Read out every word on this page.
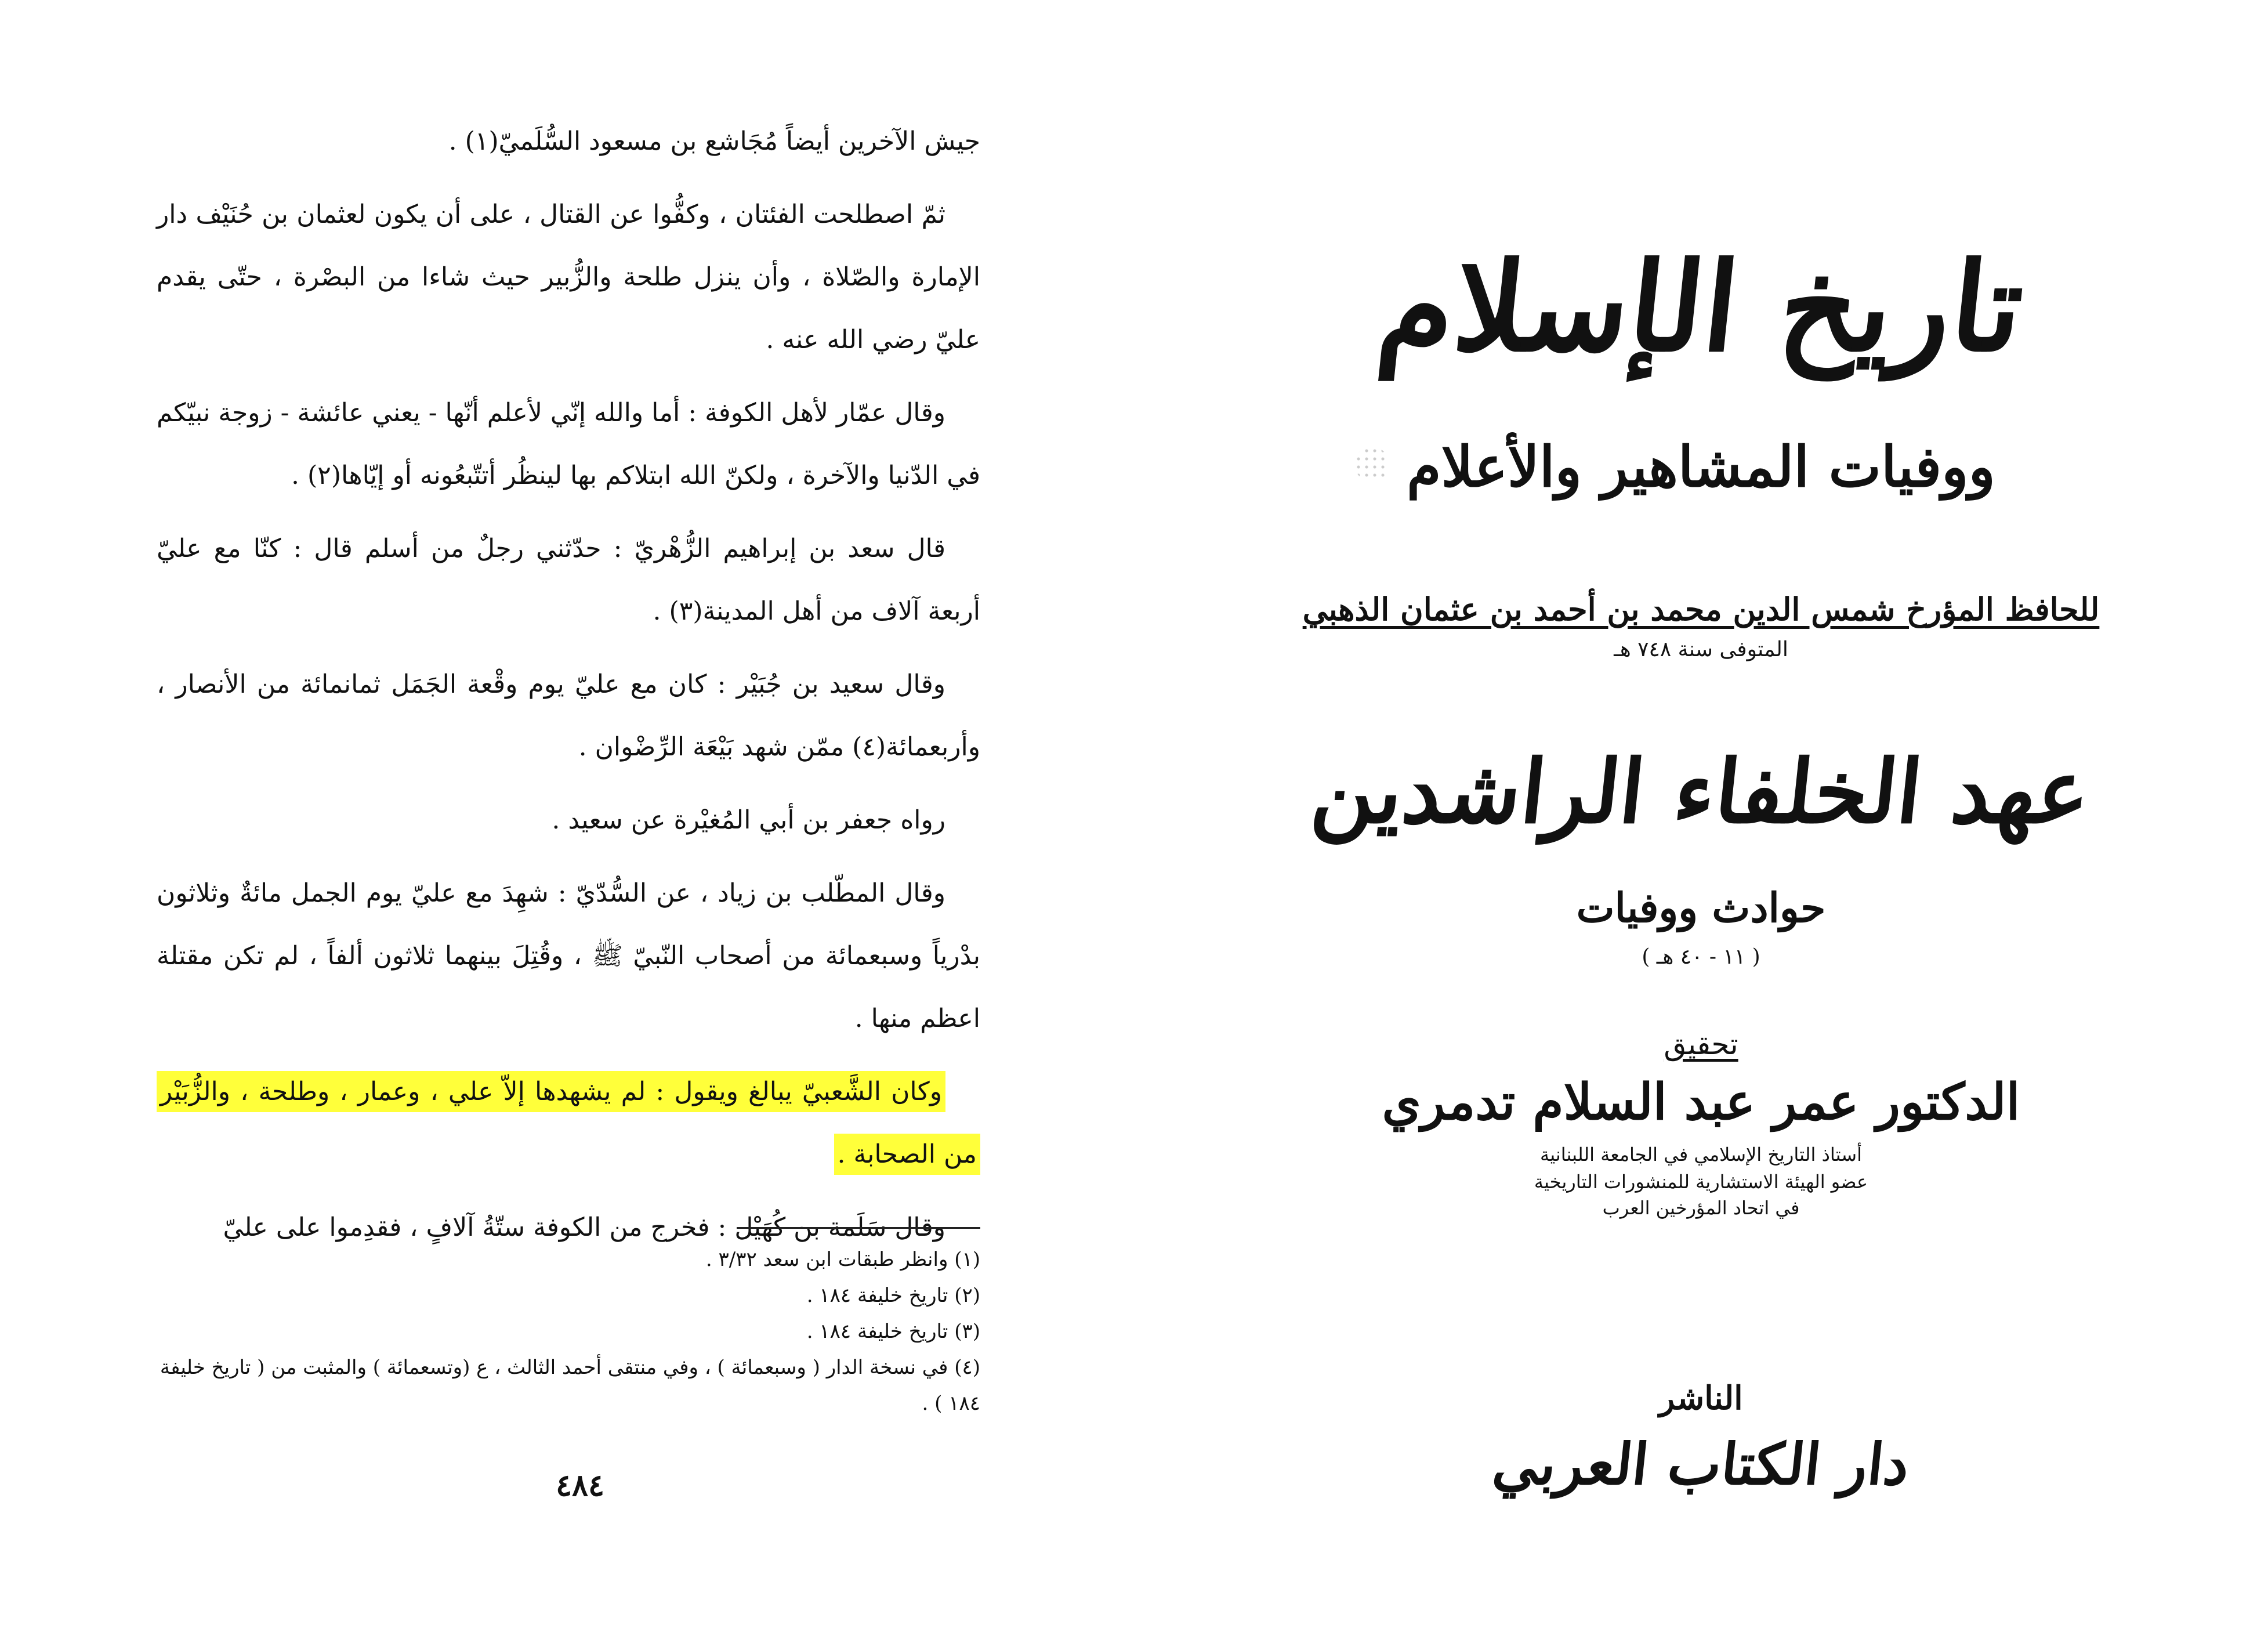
جيش الآخرين أيضاً مُجَاشع بن مسعود السُّلَميّ(١) .

ثمّ اصطلحت الفئتان ، وكفُّوا عن القتال ، على أن يكون لعثمان بن حُنَيْف دار الإمارة والصّلاة ، وأن ينزل طلحة والزُّبير حيث شاءا من البصْرة ، حتّى يقدم عليّ رضي الله عنه .

وقال عمّار لأهل الكوفة : أما والله إنّي لأعلم أنّها - يعني عائشة - زوجة نبيّكم في الدّنيا والآخرة ، ولكنّ الله ابتلاكم بها لينظُر أتتّبعُونه أو إيّاها(٢) .

قال سعد بن إبراهيم الزُّهْريّ : حدّثني رجلٌ من أسلم قال : كنّا مع عليّ أربعة آلاف من أهل المدينة(٣) .

وقال سعيد بن جُبَيْر : كان مع عليّ يوم وقْعة الجَمَل ثمانمائة من الأنصار ، وأربعمائة(٤) ممّن شهد بَيْعَة الرِّضْوان .

رواه جعفر بن أبي المُغيْرة عن سعيد .

وقال المطّلب بن زياد ، عن السُّدّيّ : شهِدَ مع عليّ يوم الجمل مائةٌ وثلاثون بدْرياً وسبعمائة من أصحاب النّبيّ ﷺ ، وقُتِلَ بينهما ثلاثون ألفاً ، لم تكن مقتلة اعظم منها .

وكان الشَّعبيّ يبالغ ويقول : لم يشهدها إلاّ علي ، وعمار ، وطلحة ، والزُّبَيْر من الصحابة .

وقال سَلَمة بن كُهَيْل : فخرج من الكوفة ستّةُ آلافٍ ، فقدِموا على عليّ

(١) وانظر طبقات ابن سعد ٣/٣٢ .

(٢) تاريخ خليفة ١٨٤ .

(٣) تاريخ خليفة ١٨٤ .

(٤) في نسخة الدار ( وسبعمائة ) ، وفي منتقى أحمد الثالث ، ع (وتسعمائة ) والمثبت من ( تاريخ خليفة ١٨٤ ) .

٤٨٤
تاريخ الإسلام
ووفيات المشاهير والأعلام
للحافظ المؤرخ شمس الدين محمد بن أحمد بن عثمان الذهبي
المتوفى سنة ٧٤٨ هـ
عهد الخلفاء الراشدين
حوادث ووفيات
( ١١ - ٤٠ هـ )
تحقيق
الدكتور عمر عبد السلام تدمري
أستاذ التاريخ الإسلامي في الجامعة اللبنانية
عضو الهيئة الاستشارية للمنشورات التاريخية
في اتحاد المؤرخين العرب
الناشر
دار الكتاب العربي
